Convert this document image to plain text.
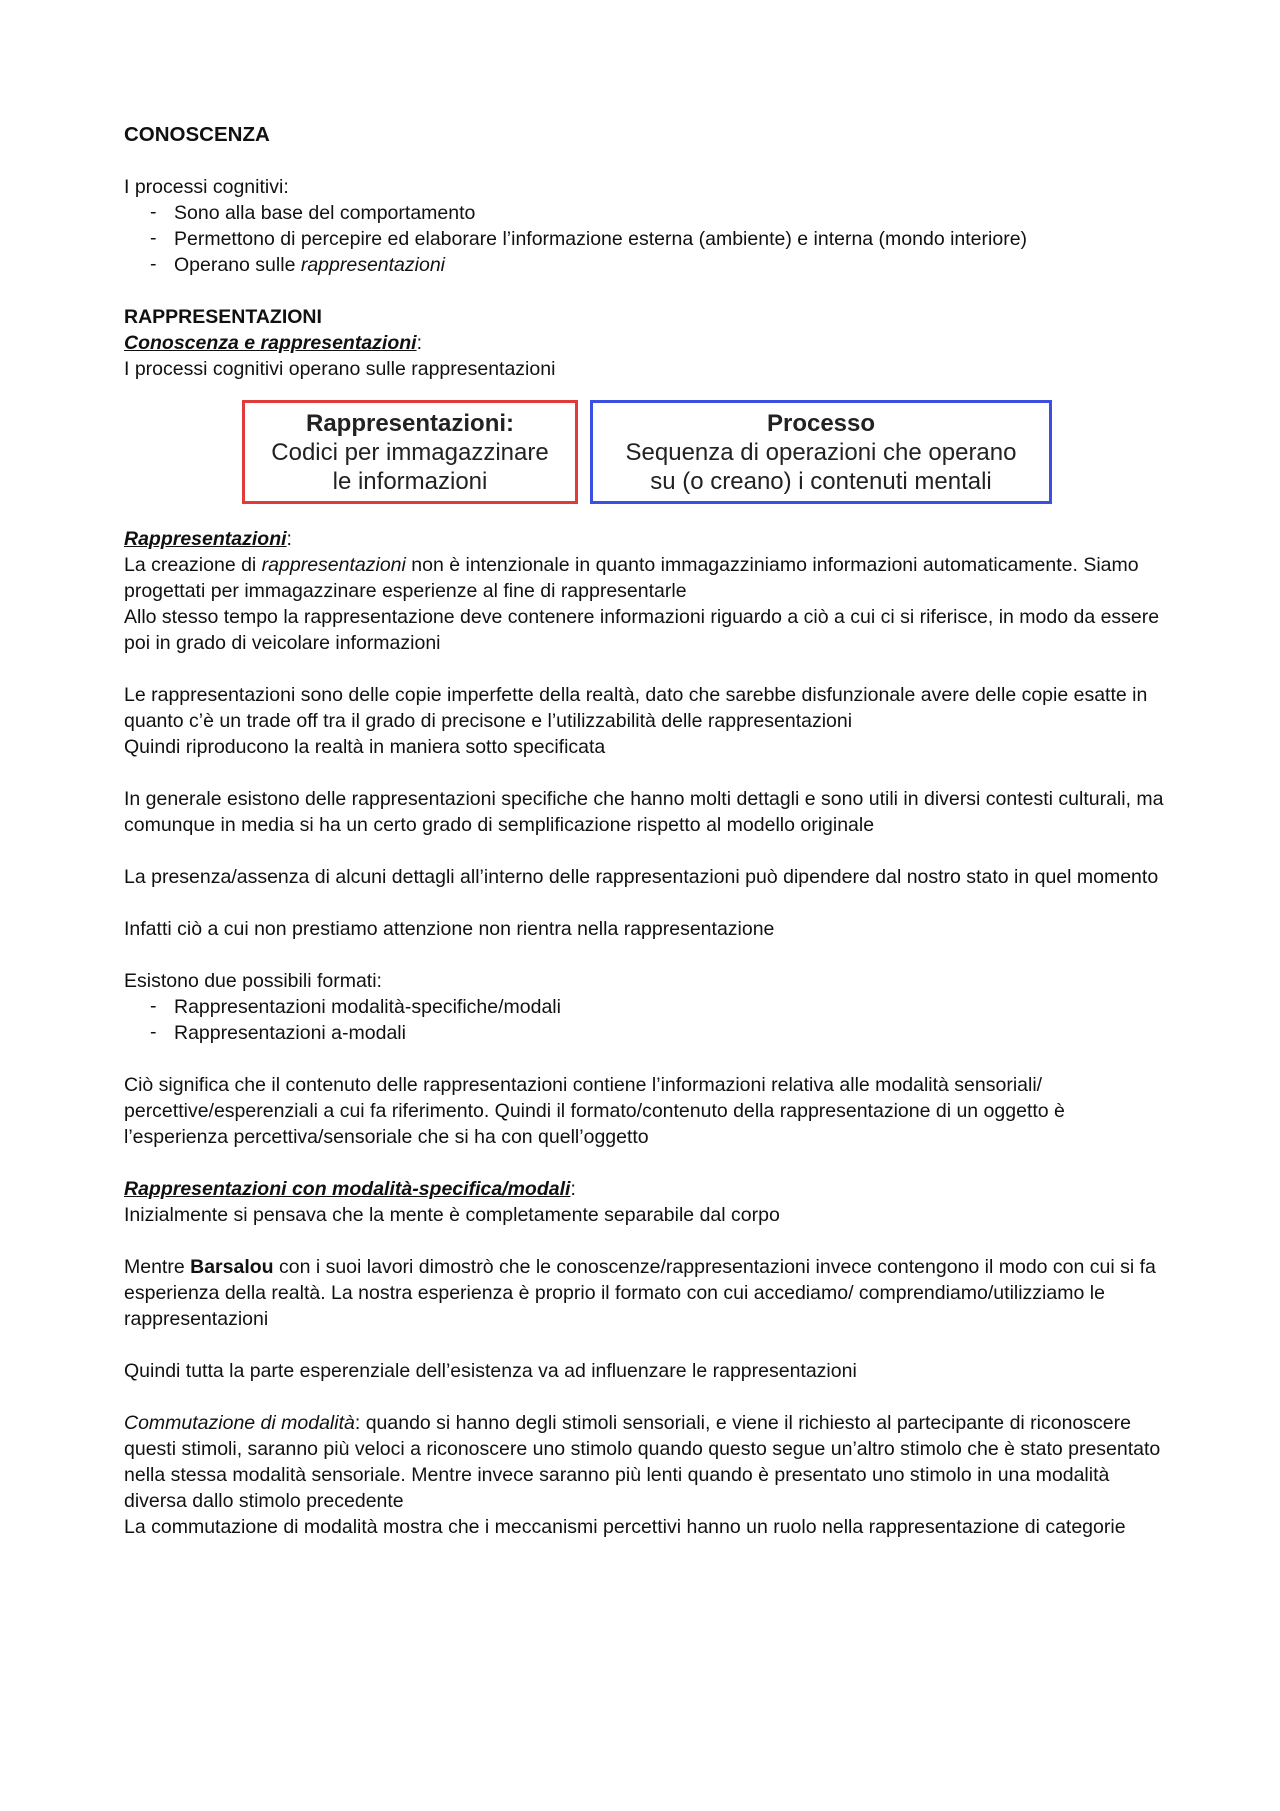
CONOSCENZA

I processi cognitivi:

- Sono alla base del comportamento
- Permettono di percepire ed elaborare l’informazione esterna (ambiente) e interna (mondo interiore)
- Operano sulle rappresentazioni

RAPPRESENTAZIONI

Conoscenza e rappresentazioni:

I processi cognitivi operano sulle rappresentazioni

Rappresentazioni:
Codici per immagazzinare
le informazioni
Processo
Sequenza di operazioni che operano
su (o creano) i contenuti mentali

Rappresentazioni:

La creazione di rappresentazioni non è intenzionale in quanto immagazziniamo informazioni automaticamente. Siamo progettati per immagazzinare esperienze al fine di rappresentarle

Allo stesso tempo la rappresentazione deve contenere informazioni riguardo a ciò a cui ci si riferisce, in modo da essere poi in grado di veicolare informazioni

Le rappresentazioni sono delle copie imperfette della realtà, dato che sarebbe disfunzionale avere delle copie esatte in quanto c’è un trade off tra il grado di precisone e l’utilizzabilità delle rappresentazioni

Quindi riproducono la realtà in maniera sotto specificata

In generale esistono delle rappresentazioni specifiche che hanno molti dettagli e sono utili in diversi contesti culturali, ma comunque in media si ha un certo grado di semplificazione rispetto al modello originale

La presenza/assenza di alcuni dettagli all’interno delle rappresentazioni può dipendere dal nostro stato in quel momento

Infatti ciò a cui non prestiamo attenzione non rientra nella rappresentazione

Esistono due possibili formati:

- Rappresentazioni modalità-specifiche/modali
- Rappresentazioni a-modali

Ciò significa che il contenuto delle rappresentazioni contiene l’informazioni relativa alle modalità sensoriali/ percettive/esperenziali a cui fa riferimento. Quindi il formato/contenuto della rappresentazione di un oggetto è l’esperienza percettiva/sensoriale che si ha con quell’oggetto

Rappresentazioni con modalità-specifica/modali:

Inizialmente si pensava che la mente è completamente separabile dal corpo

Mentre Barsalou con i suoi lavori dimostrò che le conoscenze/rappresentazioni invece contengono il modo con cui si fa esperienza della realtà. La nostra esperienza è proprio il formato con cui accediamo/ comprendiamo/utilizziamo le rappresentazioni

Quindi tutta la parte esperenziale dell’esistenza va ad influenzare le rappresentazioni

Commutazione di modalità: quando si hanno degli stimoli sensoriali, e viene il richiesto al partecipante di riconoscere questi stimoli, saranno più veloci a riconoscere uno stimolo quando questo segue un’altro stimolo che è stato presentato nella stessa modalità sensoriale. Mentre invece saranno più lenti quando è presentato uno stimolo in una modalità diversa dallo stimolo precedente

La commutazione di modalità mostra che i meccanismi percettivi hanno un ruolo nella rappresentazione di categorie
